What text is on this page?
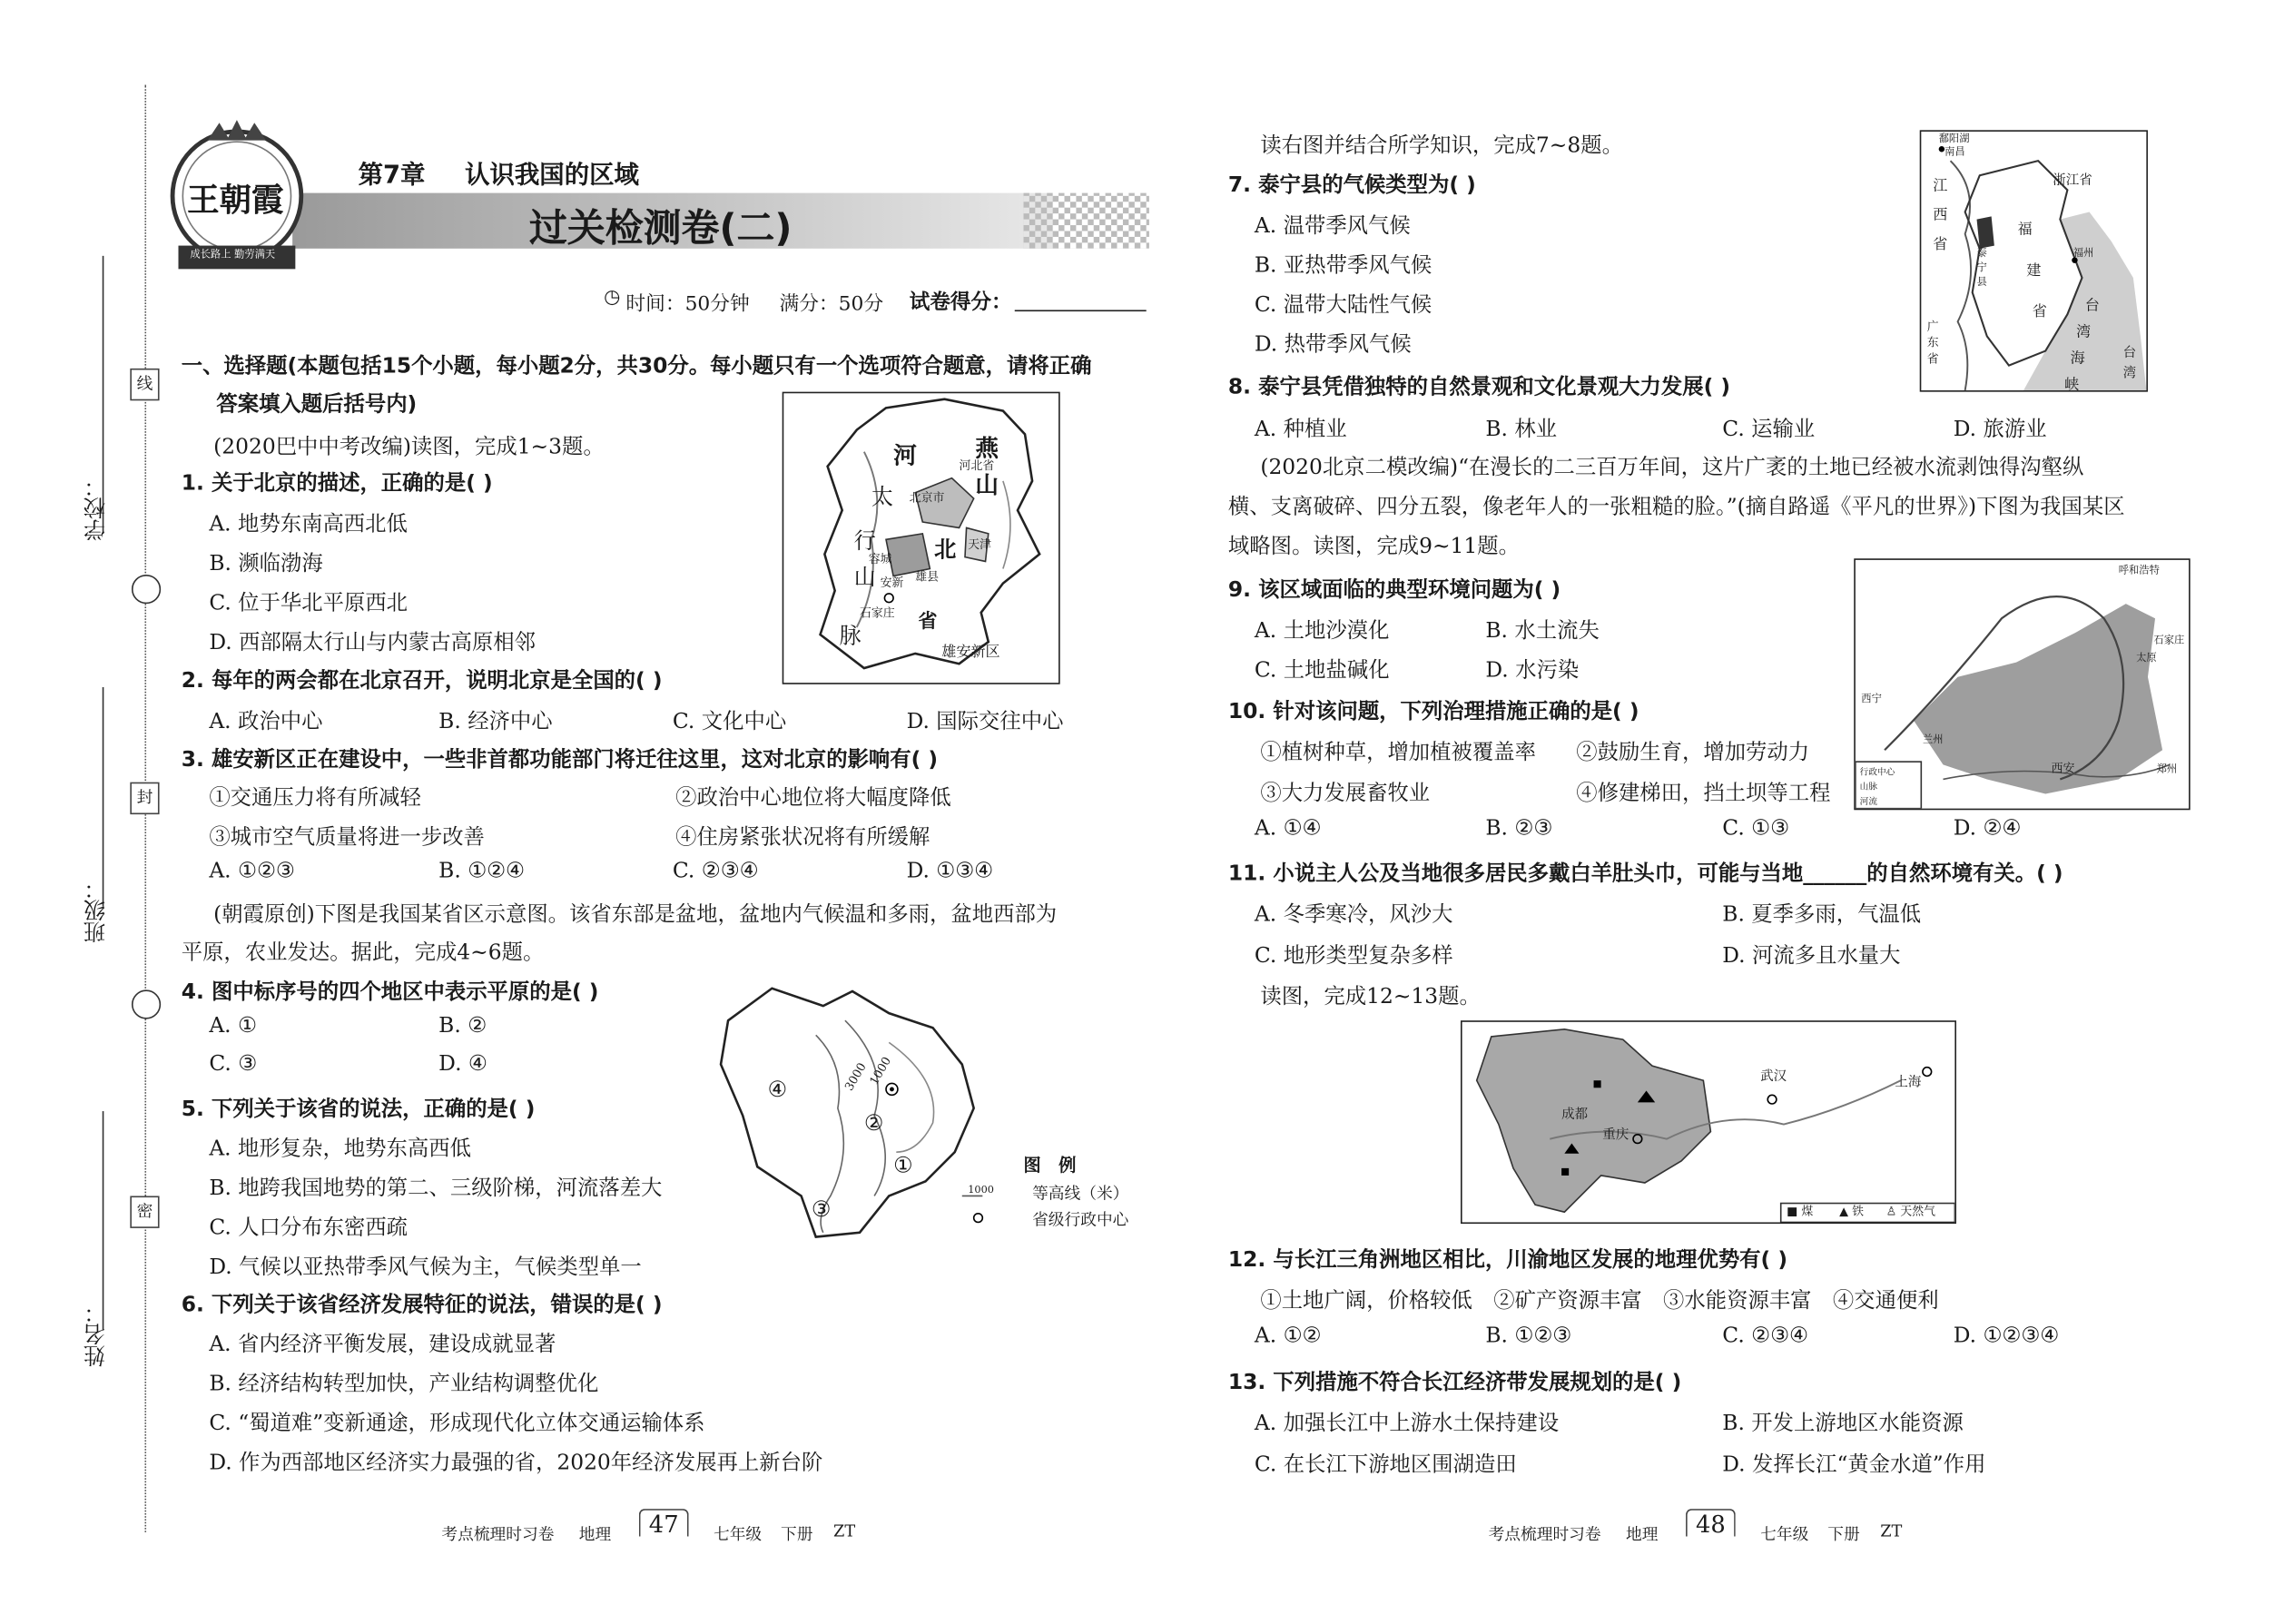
学校：
班级：
姓名：
线
封
密
王朝霞
成长路上 勤劳满天
第7章	认识我国的区域
过关检测卷(二)
◷ 时间：50分钟 满分：50分 试卷得分：
一、选择题(本题包括15个小题，每小题2分，共30分。每小题只有一个选项符合题意，请将正确
答案填入题后括号内)
(2020巴中中考改编)读图，完成1~3题。
1. 关于北京的描述，正确的是( )
A. 地势东南高西北低
B. 濒临渤海
C. 位于华北平原西北
D. 西部隔太行山与内蒙古高原相邻
2. 每年的两会都在北京召开，说明北京是全国的( )
A. 政治中心	B. 经济中心	C. 文化中心	D. 国际交往中心
3. 雄安新区正在建设中，一些非首都功能部门将迁往这里，这对北京的影响有( )
①交通压力将有所减轻	②政治中心地位将大幅度降低
③城市空气质量将进一步改善	④住房紧张状况将有所缓解
A. ①②③	B. ①②④	C. ②③④	D. ①③④
(朝霞原创)下图是我国某省区示意图。该省东部是盆地，盆地内气候温和多雨，盆地西部为
平原，农业发达。据此，完成4~6题。
4. 图中标序号的四个地区中表示平原的是( )
A. ①	B. ②
C. ③	D. ④
5. 下列关于该省的说法，正确的是( )
A. 地形复杂，地势东高西低
B. 地跨我国地势的第二、三级阶梯，河流落差大
C. 人口分布东密西疏
D. 气候以亚热带季风气候为主，气候类型单一
6. 下列关于该省经济发展特征的说法，错误的是( )
A. 省内经济平衡发展，建设成就显著
B. 经济结构转型加快，产业结构调整优化
C. “蜀道难”变新通途，形成现代化立体交通运输体系
D. 作为西部地区经济实力最强的省，2020年经济发展再上新台阶
考点梳理时习卷 地理	47	七年级 下册 ZT
河	燕
山
太
行
山
脉
北
河北省
北京市
天津
容城
安新 雄县
石家庄 省
雄安新区
④
②
①
③
3000
1000
图　例
1000	等高线（米）
省级行政中心
读右图并结合所学知识，完成7~8题。
7. 泰宁县的气候类型为( )
A. 温带季风气候
B. 亚热带季风气候
C. 温带大陆性气候
D. 热带季风气候
8. 泰宁县凭借独特的自然景观和文化景观大力发展( )
A. 种植业	B. 林业	C. 运输业	D. 旅游业
(2020北京二模改编)“在漫长的二三百万年间，这片广袤的土地已经被水流剥蚀得沟壑纵
横、支离破碎、四分五裂，像老年人的一张粗糙的脸。”(摘自路遥《平凡的世界》)下图为我国某区
域略图。读图，完成9~11题。
9. 该区域面临的典型环境问题为( )
A. 土地沙漠化	B. 水土流失
C. 土地盐碱化	D. 水污染
10. 针对该问题，下列治理措施正确的是( )
①植树种草，增加植被覆盖率	②鼓励生育，增加劳动力
③大力发展畜牧业	④修建梯田，挡土坝等工程
A. ①④	B. ②③	C. ①③	D. ②④
11. 小说主人公及当地很多居民多戴白羊肚头巾，可能与当地______的自然环境有关。( )
A. 冬季寒冷，风沙大	B. 夏季多雨，气温低
C. 地形类型复杂多样	D. 河流多且水量大
读图，完成12~13题。
12. 与长江三角洲地区相比，川渝地区发展的地理优势有( )
①土地广阔，价格较低　②矿产资源丰富　③水能资源丰富　④交通便利
A. ①②	B. ①②③	C. ②③④	D. ①②③④
13. 下列措施不符合长江经济带发展规划的是( )
A. 加强长江中上游水土保持建设	B. 开发上游地区水能资源
C. 在长江下游地区围湖造田	D. 发挥长江“黄金水道”作用
考点梳理时习卷 地理	48	七年级 下册 ZT
鄱阳湖
南昌
江
西
省
浙江省
福
建
省
泰宁县
福州
台
湾
海
峡
广东省	台
湾
呼和浩特
太原
石家庄
西宁
兰州
西安	郑州
行政中心
山脉
河流
成都
重庆
武汉	上海
■ 煤	▲ 铁	♙ 天然气
